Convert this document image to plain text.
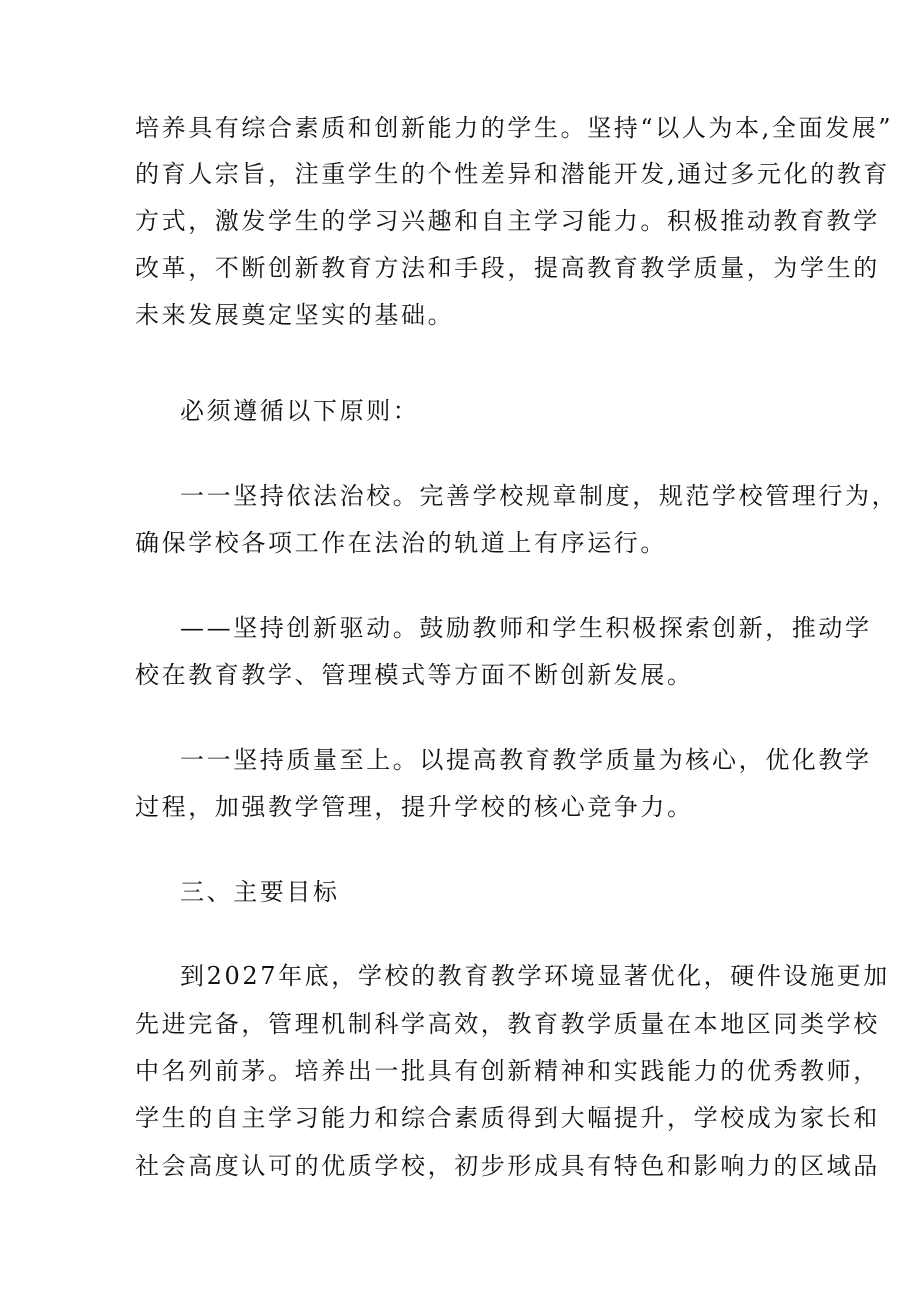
培养具有综合素质和创新能力的学生。坚持“以人为本,全面发展”
的育人宗旨，注重学生的个性差异和潜能开发,通过多元化的教育
方式，激发学生的学习兴趣和自主学习能力。积极推动教育教学
改革，不断创新教育方法和手段，提高教育教学质量，为学生的
未来发展奠定坚实的基础。
必须遵循以下原则：
一一坚持依法治校。完善学校规章制度，规范学校管理行为，
确保学校各项工作在法治的轨道上有序运行。
——坚持创新驱动。鼓励教师和学生积极探索创新，推动学
校在教育教学、管理模式等方面不断创新发展。
一一坚持质量至上。以提高教育教学质量为核心，优化教学
过程，加强教学管理，提升学校的核心竞争力。
三、主要目标
到2027年底，学校的教育教学环境显著优化，硬件设施更加
先进完备，管理机制科学高效，教育教学质量在本地区同类学校
中名列前茅。培养出一批具有创新精神和实践能力的优秀教师，
学生的自主学习能力和综合素质得到大幅提升，学校成为家长和
社会高度认可的优质学校，初步形成具有特色和影响力的区域品
